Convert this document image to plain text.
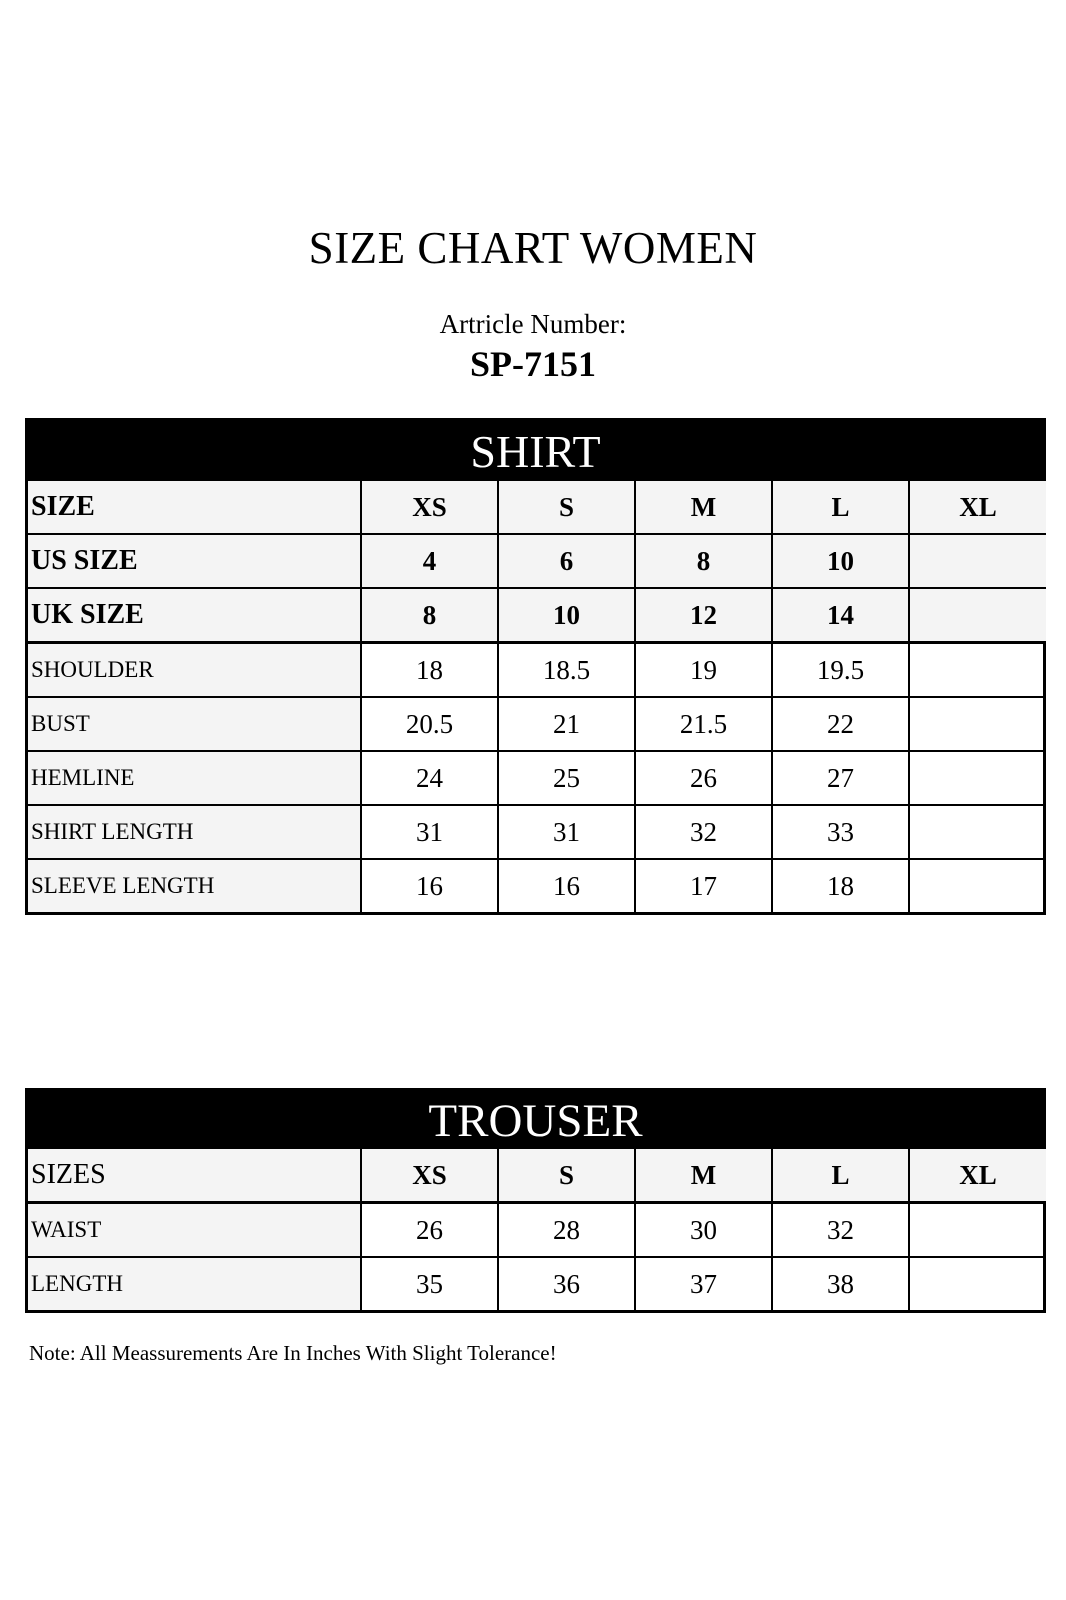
SIZE CHART WOMEN
Artricle Number:
SP-7151
SHIRT
SIZE	XS	S	M	L	XL
US SIZE	4	6	8	10	
UK SIZE	8	10	12	14	
SHOULDER	18	18.5	19	19.5	
BUST	20.5	21	21.5	22	
HEMLINE	24	25	26	27	
SHIRT LENGTH	31	31	32	33	
SLEEVE LENGTH	16	16	17	18	
TROUSER
SIZES	XS	S	M	L	XL
WAIST	26	28	30	32	
LENGTH	35	36	37	38	
Note: All Meassurements Are In Inches With Slight Tolerance!
